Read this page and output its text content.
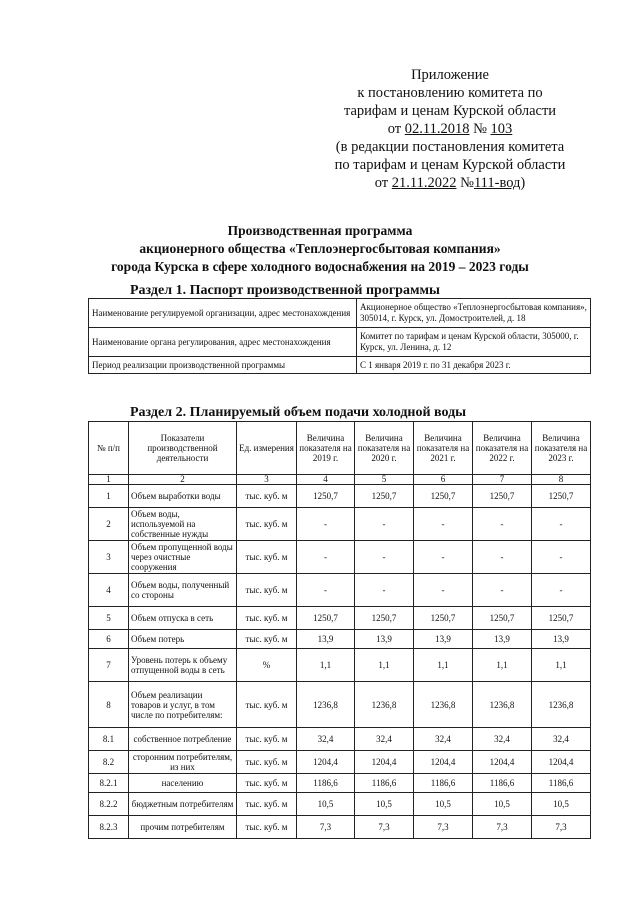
Приложение
к постановлению комитета по
тарифам и ценам Курской области
от 02.11.2018 № 103
(в редакции постановления комитета
по тарифам и ценам Курской области
от 21.11.2022 №111-вод)
Производственная программа
акционерного общества «Теплоэнергосбытовая компания»
города Курска в сфере холодного водоснабжения на 2019 – 2023 годы
Раздел 1. Паспорт производственной программы
Наименование регулируемой организации, адрес местонахождения	Акционерное общество «Теплоэнергосбытовая компания», 305014, г. Курск, ул. Домостроителей, д. 18
Наименование органа регулирования, адрес местонахождения	Комитет по тарифам и ценам Курской области, 305000, г. Курск, ул. Ленина, д. 12
Период реализации производственной программы	С 1 января 2019 г. по 31 декабря 2023 г.
Раздел 2. Планируемый объем подачи холодной воды
№ п/п	Показатели производственной деятельности	Ед. измерения	Величина показателя на 2019 г.	Величина показателя на 2020 г.	Величина показателя на 2021 г.	Величина показателя на 2022 г.	Величина показателя на 2023 г.
1	2	3	4	5	6	7	8
1	Объем выработки воды	тыс. куб. м	1250,7	1250,7	1250,7	1250,7	1250,7
2	Объем воды, используемой на собственные нужды	тыс. куб. м	-	-	-	-	-
3	Объем пропущенной воды через очистные сооружения	тыс. куб. м	-	-	-	-	-
4	Объем воды, полученный со стороны	тыс. куб. м	-	-	-	-	-
5	Объем отпуска в сеть	тыс. куб. м	1250,7	1250,7	1250,7	1250,7	1250,7
6	Объем потерь	тыс. куб. м	13,9	13,9	13,9	13,9	13,9
7	Уровень потерь к объему отпущенной воды в сеть	%	1,1	1,1	1,1	1,1	1,1
8	Объем реализации товаров и услуг, в том числе по потребителям:	тыс. куб. м	1236,8	1236,8	1236,8	1236,8	1236,8
8.1	собственное потребление	тыс. куб. м	32,4	32,4	32,4	32,4	32,4
8.2	сторонним потребителям, из них	тыс. куб. м	1204,4	1204,4	1204,4	1204,4	1204,4
8.2.1	населению	тыс. куб. м	1186,6	1186,6	1186,6	1186,6	1186,6
8.2.2	бюджетным потребителям	тыс. куб. м	10,5	10,5	10,5	10,5	10,5
8.2.3	прочим потребителям	тыс. куб. м	7,3	7,3	7,3	7,3	7,3
